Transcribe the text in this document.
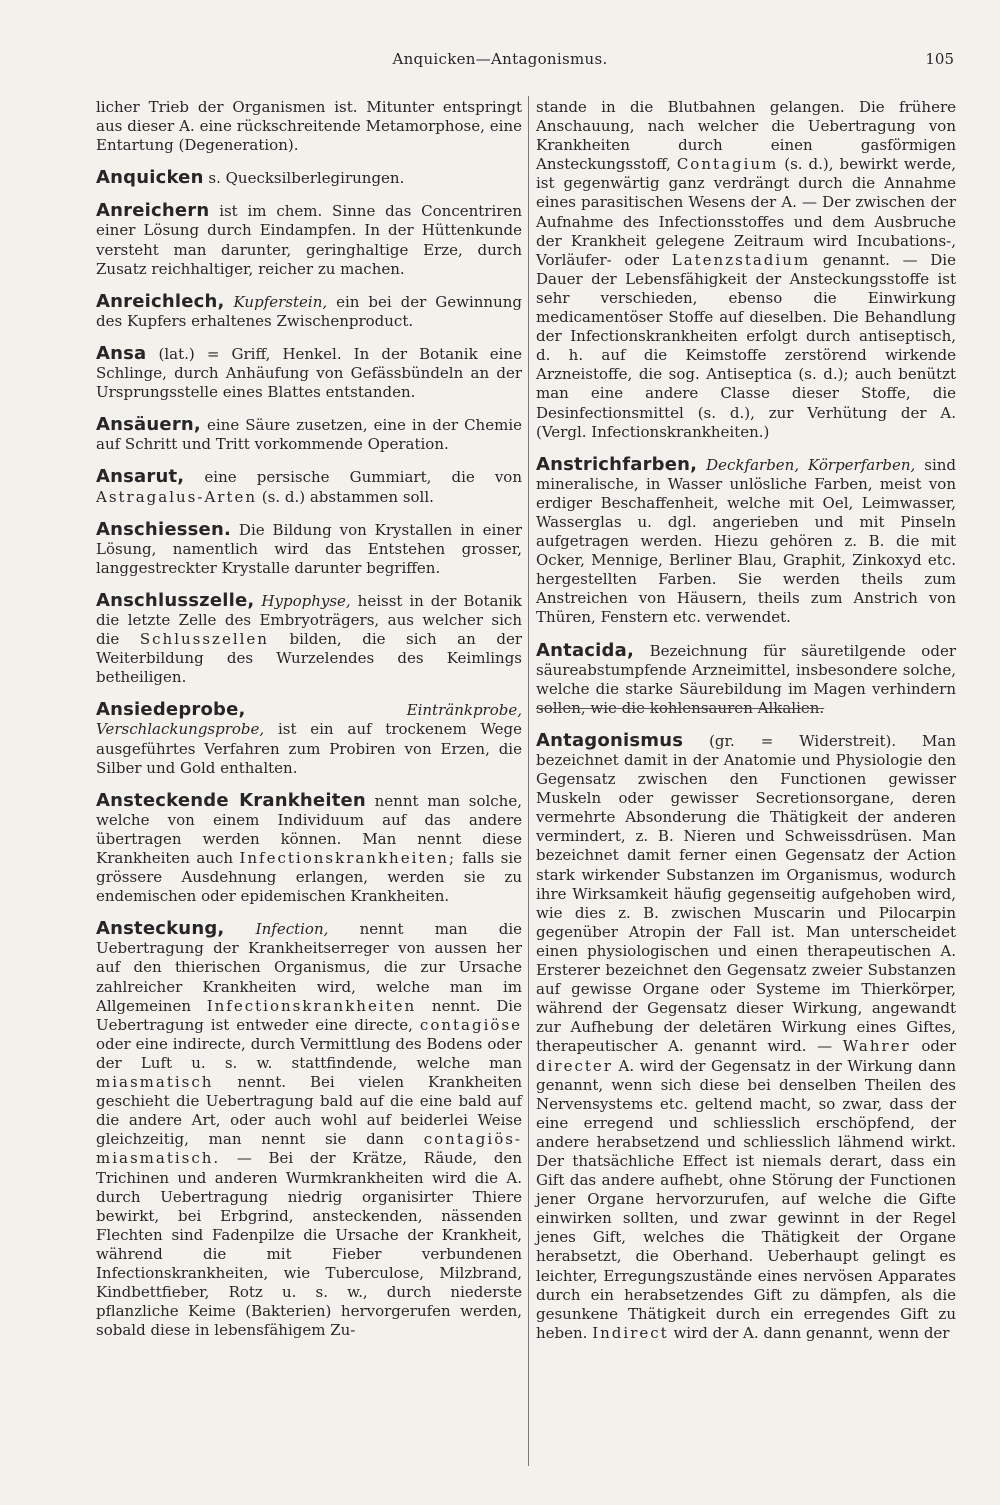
Anquicken—Antagonismus.	105

licher Trieb der Organismen ist. Mitunter entspringt aus dieser A. eine rückschreitende Metamorphose, eine Entartung (Degeneration).

Anquicken s. Quecksilberlegirungen.

Anreichern ist im chem. Sinne das Concentriren einer Lösung durch Eindampfen. In der Hüttenkunde versteht man darunter, geringhaltige Erze, durch Zusatz reichhaltiger, reicher zu machen.

Anreichlech, Kupferstein, ein bei der Gewinnung des Kupfers erhaltenes Zwischenproduct.

Ansa (lat.) = Griff, Henkel. In der Botanik eine Schlinge, durch Anhäufung von Gefässbündeln an der Ursprungsstelle eines Blattes entstanden.

Ansäuern, eine Säure zusetzen, eine in der Chemie auf Schritt und Tritt vorkommende Operation.

Ansarut, eine persische Gummiart, die von Astragalus-Arten (s. d.) abstammen soll.

Anschiessen. Die Bildung von Krystallen in einer Lösung, namentlich wird das Entstehen grosser, langgestreckter Krystalle darunter begriffen.

Anschlusszelle, Hypophyse, heisst in der Botanik die letzte Zelle des Embryoträgers, aus welcher sich die Schlusszellen bilden, die sich an der Weiterbildung des Wurzelendes des Keimlings betheiligen.

Ansiedeprobe, Eintränkprobe, Verschlackungsprobe, ist ein auf trockenem Wege ausgeführtes Verfahren zum Probiren von Erzen, die Silber und Gold enthalten.

Ansteckende Krankheiten nennt man solche, welche von einem Individuum auf das andere übertragen werden können. Man nennt diese Krankheiten auch Infectionskrankheiten; falls sie grössere Ausdehnung erlangen, werden sie zu endemischen oder epidemischen Krankheiten.

Ansteckung, Infection, nennt man die Uebertragung der Krankheitserreger von aussen her auf den thierischen Organismus, die zur Ursache zahlreicher Krankheiten wird, welche man im Allgemeinen Infectionskrankheiten nennt. Die Uebertragung ist entweder eine directe, contagiöse oder eine indirecte, durch Vermittlung des Bodens oder der Luft u. s. w. stattfindende, welche man miasmatisch nennt. Bei vielen Krankheiten geschieht die Uebertragung bald auf die eine bald auf die andere Art, oder auch wohl auf beiderlei Weise gleichzeitig, man nennt sie dann contagiös-miasmatisch. — Bei der Krätze, Räude, den Trichinen und anderen Wurmkrankheiten wird die A. durch Uebertragung niedrig organisirter Thiere bewirkt, bei Erbgrind, ansteckenden, nässenden Flechten sind Fadenpilze die Ursache der Krankheit, während die mit Fieber verbundenen Infectionskrankheiten, wie Tuberculose, Milzbrand, Kindbettfieber, Rotz u. s. w., durch niederste pflanzliche Keime (Bakterien) hervorgerufen werden, sobald diese in lebensfähigem Zu-

stande in die Blutbahnen gelangen. Die frühere Anschauung, nach welcher die Uebertragung von Krankheiten durch einen gasförmigen Ansteckungsstoff, Contagium (s. d.), bewirkt werde, ist gegenwärtig ganz verdrängt durch die Annahme eines parasitischen Wesens der A. — Der zwischen der Aufnahme des Infectionsstoffes und dem Ausbruche der Krankheit gelegene Zeitraum wird Incubations-, Vorläufer- oder Latenzstadium genannt. — Die Dauer der Lebensfähigkeit der Ansteckungsstoffe ist sehr verschieden, ebenso die Einwirkung medicamentöser Stoffe auf dieselben. Die Behandlung der Infectionskrankheiten erfolgt durch antiseptisch, d. h. auf die Keimstoffe zerstörend wirkende Arzneistoffe, die sog. Antiseptica (s. d.); auch benützt man eine andere Classe dieser Stoffe, die Desinfectionsmittel (s. d.), zur Verhütung der A. (Vergl. Infectionskrankheiten.)

Anstrichfarben, Deckfarben, Körperfarben, sind mineralische, in Wasser unlösliche Farben, meist von erdiger Beschaffenheit, welche mit Oel, Leimwasser, Wasserglas u. dgl. angerieben und mit Pinseln aufgetragen werden. Hiezu gehören z. B. die mit Ocker, Mennige, Berliner Blau, Graphit, Zinkoxyd etc. hergestellten Farben. Sie werden theils zum Anstreichen von Häusern, theils zum Anstrich von Thüren, Fenstern etc. verwendet.

Antacida, Bezeichnung für säuretilgende oder säureabstumpfende Arzneimittel, insbesondere solche, welche die starke Säurebildung im Magen verhindern sollen, wie die kohlensauren Alkalien.

Antagonismus (gr. = Widerstreit). Man bezeichnet damit in der Anatomie und Physiologie den Gegensatz zwischen den Functionen gewisser Muskeln oder gewisser Secretionsorgane, deren vermehrte Absonderung die Thätigkeit der anderen vermindert, z. B. Nieren und Schweissdrüsen. Man bezeichnet damit ferner einen Gegensatz der Action stark wirkender Substanzen im Organismus, wodurch ihre Wirksamkeit häufig gegenseitig aufgehoben wird, wie dies z. B. zwischen Muscarin und Pilocarpin gegenüber Atropin der Fall ist. Man unterscheidet einen physiologischen und einen therapeutischen A. Ersterer bezeichnet den Gegensatz zweier Substanzen auf gewisse Organe oder Systeme im Thierkörper, während der Gegensatz dieser Wirkung, angewandt zur Aufhebung der deletären Wirkung eines Giftes, therapeutischer A. genannt wird. — Wahrer oder directer A. wird der Gegensatz in der Wirkung dann genannt, wenn sich diese bei denselben Theilen des Nervensystems etc. geltend macht, so zwar, dass der eine erregend und schliesslich erschöpfend, der andere herabsetzend und schliesslich lähmend wirkt. Der thatsächliche Effect ist niemals derart, dass ein Gift das andere aufhebt, ohne Störung der Functionen jener Organe hervorzurufen, auf welche die Gifte einwirken sollten, und zwar gewinnt in der Regel jenes Gift, welches die Thätigkeit der Organe herabsetzt, die Oberhand. Ueberhaupt gelingt es leichter, Erregungszustände eines nervösen Apparates durch ein herabsetzendes Gift zu dämpfen, als die gesunkene Thätigkeit durch ein erregendes Gift zu heben. Indirect wird der A. dann genannt, wenn der
